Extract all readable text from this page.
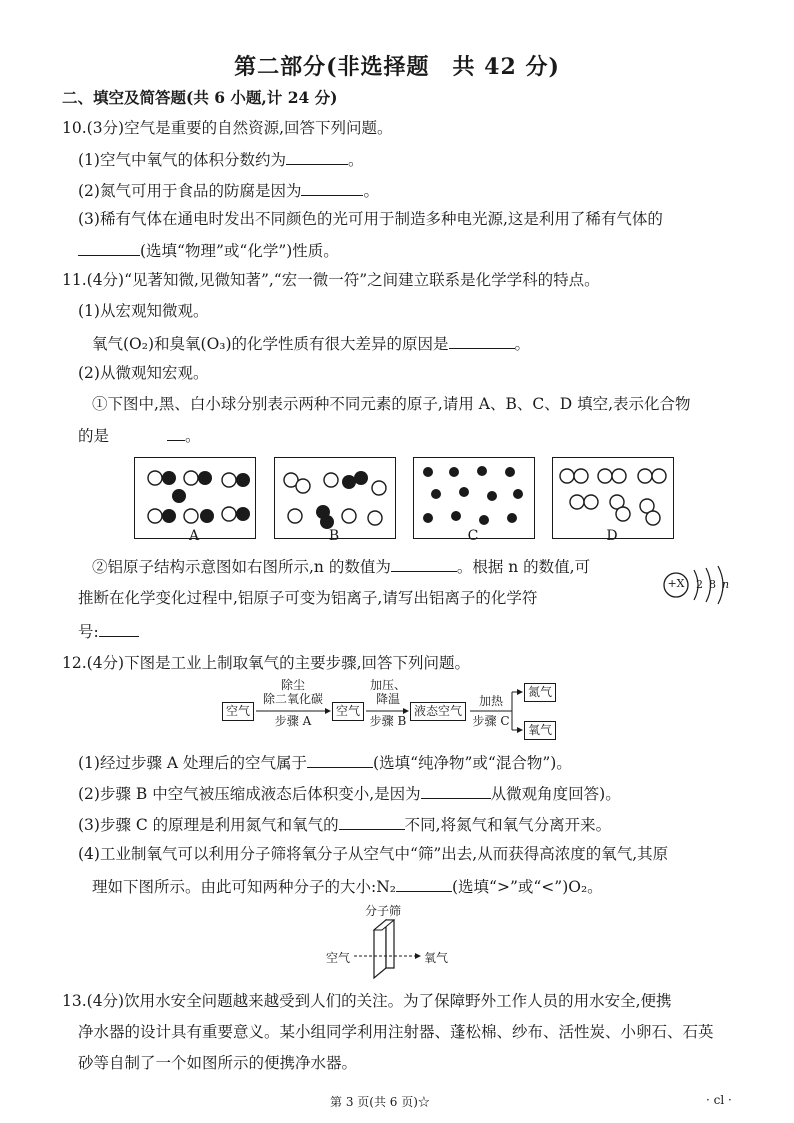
第二部分(非选择题　共 42 分)
二、填空及简答题(共 6 小题,计 24 分)
10.(3分)空气是重要的自然资源,回答下列问题。
(1)空气中氧气的体积分数约为	。
(2)氮气可用于食品的防腐是因为	。
(3)稀有气体在通电时发出不同颜色的光可用于制造多种电光源,这是利用了稀有气体的
(选填“物理”或“化学”)性质。
11.(4分)“见著知微,见微知著”,“宏一微一符”之间建立联系是化学学科的特点。
(1)从宏观知微观。
氧气(O₂)和臭氧(O₃)的化学性质有很大差异的原因是	。
(2)从微观知宏观。
①下图中,黑、白小球分别表示两种不同元素的原子,请用 A、B、C、D 填空,表示化合物
的是	。
A	B	C	D
②铝原子结构示意图如右图所示,n 的数值为	。根据 n 的数值,可
推断在化学变化过程中,铝原子可变为铝离子,请写出铝离子的化学符
号:
+X 2 8 n
12.(4分)下图是工业上制取氧气的主要步骤,回答下列问题。
空气
除尘
除二氧化碳
步骤 A
空气
加压、
降温
步骤 B
液态空气
加热
步骤 C
氮气
氧气
(1)经过步骤 A 处理后的空气属于	(选填“纯净物”或“混合物”)。
(2)步骤 B 中空气被压缩成液态后体积变小,是因为	从微观角度回答)。
(3)步骤 C 的原理是利用氮气和氧气的	不同,将氮气和氧气分离开来。
(4)工业制氧气可以利用分子筛将氧分子从空气中“筛”出去,从而获得高浓度的氧气,其原
理如下图所示。由此可知两种分子的大小:N₂	(选填“>”或“<”)O₂。
分子筛
空气	氧气
13.(4分)饮用水安全问题越来越受到人们的关注。为了保障野外工作人员的用水安全,便携
净水器的设计具有重要意义。某小组同学利用注射器、蓬松棉、纱布、活性炭、小卵石、石英
砂等自制了一个如图所示的便携净水器。
第 3 页(共 6 页)☆	· cl ·
